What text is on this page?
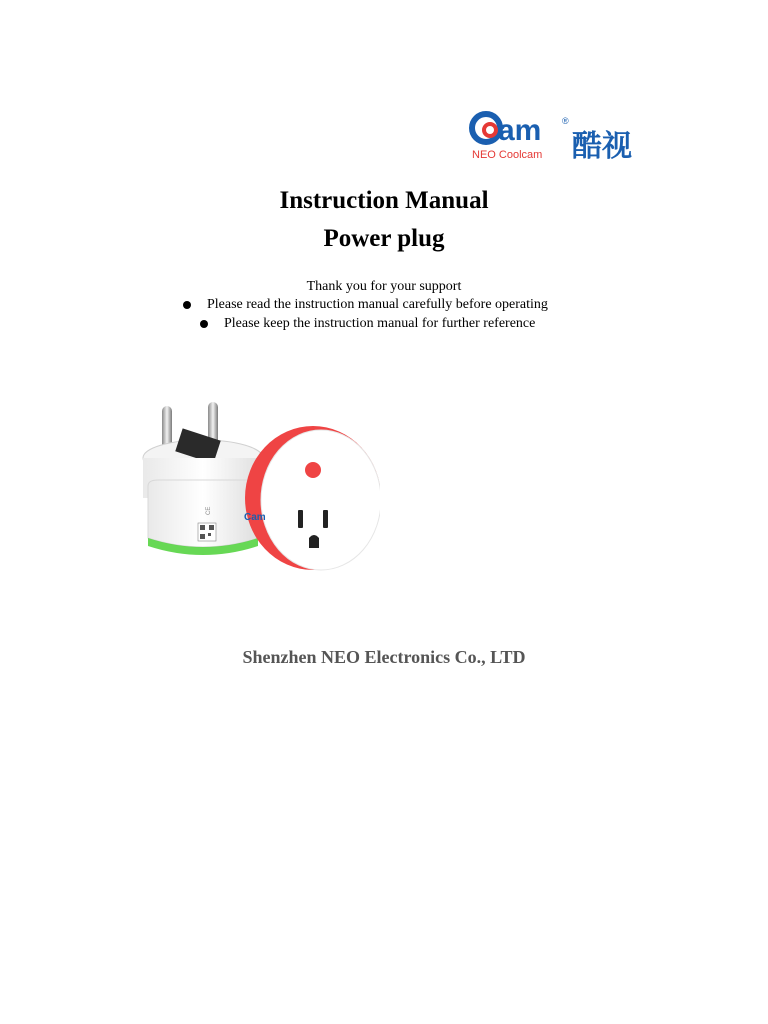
am ®
NEO Coolcam 酷视
Instruction Manual
Power plug
Thank you for your support
Please read the instruction manual carefully before operating
Please keep the instruction manual for further reference
CE
Cam
Shenzhen NEO Electronics Co., LTD
